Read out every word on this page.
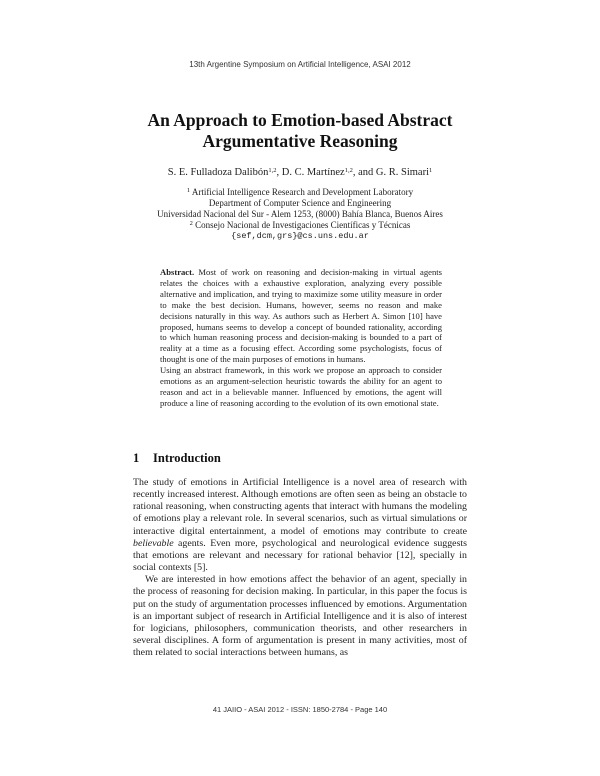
13th Argentine Symposium on Artificial Intelligence, ASAI 2012
An Approach to Emotion-based Abstract
Argumentative Reasoning
S. E. Fulladoza Dalibón$^{1,2}$, D. C. Martínez$^{1,2}$, and G. R. Simari$^1$
$^1$ Artificial Intelligence Research and Development Laboratory
Department of Computer Science and Engineering
Universidad Nacional del Sur - Alem 1253, (8000) Bahía Blanca, Buenos Aires
$^2$ Consejo Nacional de Investigaciones Científicas y Técnicas
{sef,dcm,grs}@cs.uns.edu.ar

Abstract. Most of work on reasoning and decision-making in virtual agents relates the choices with a exhaustive exploration, analyzing every possible alternative and implication, and trying to maximize some utility measure in order to make the best decision. Humans, however, seems no reason and make decisions naturally in this way. As authors such as Herbert A. Simon [10] have proposed, humans seems to develop a concept of bounded rationality, according to which human reasoning process and decision-making is bounded to a part of reality at a time as a focusing effect. According some psychologists, focus of thought is one of the main purposes of emotions in humans.

Using an abstract framework, in this work we propose an approach to consider emotions as an argument-selection heuristic towards the ability for an agent to reason and act in a believable manner. Influenced by emotions, the agent will produce a line of reasoning according to the evolution of its own emotional state.

1 Introduction

The study of emotions in Artificial Intelligence is a novel area of research with recently increased interest. Although emotions are often seen as being an obstacle to rational reasoning, when constructing agents that interact with humans the modeling of emotions play a relevant role. In several scenarios, such as virtual simulations or interactive digital entertainment, a model of emotions may contribute to create believable agents. Even more, psychological and neurological evidence suggests that emotions are relevant and necessary for rational behavior [12], specially in social contexts [5].

We are interested in how emotions affect the behavior of an agent, specially in the process of reasoning for decision making. In particular, in this paper the focus is put on the study of argumentation processes influenced by emotions. Argumentation is an important subject of research in Artificial Intelligence and it is also of interest for logicians, philosophers, communication theorists, and other researchers in several disciplines. A form of argumentation is present in many activities, most of them related to social interactions between humans, as

41 JAIIO - ASAI 2012 - ISSN: 1850-2784 - Page 140
